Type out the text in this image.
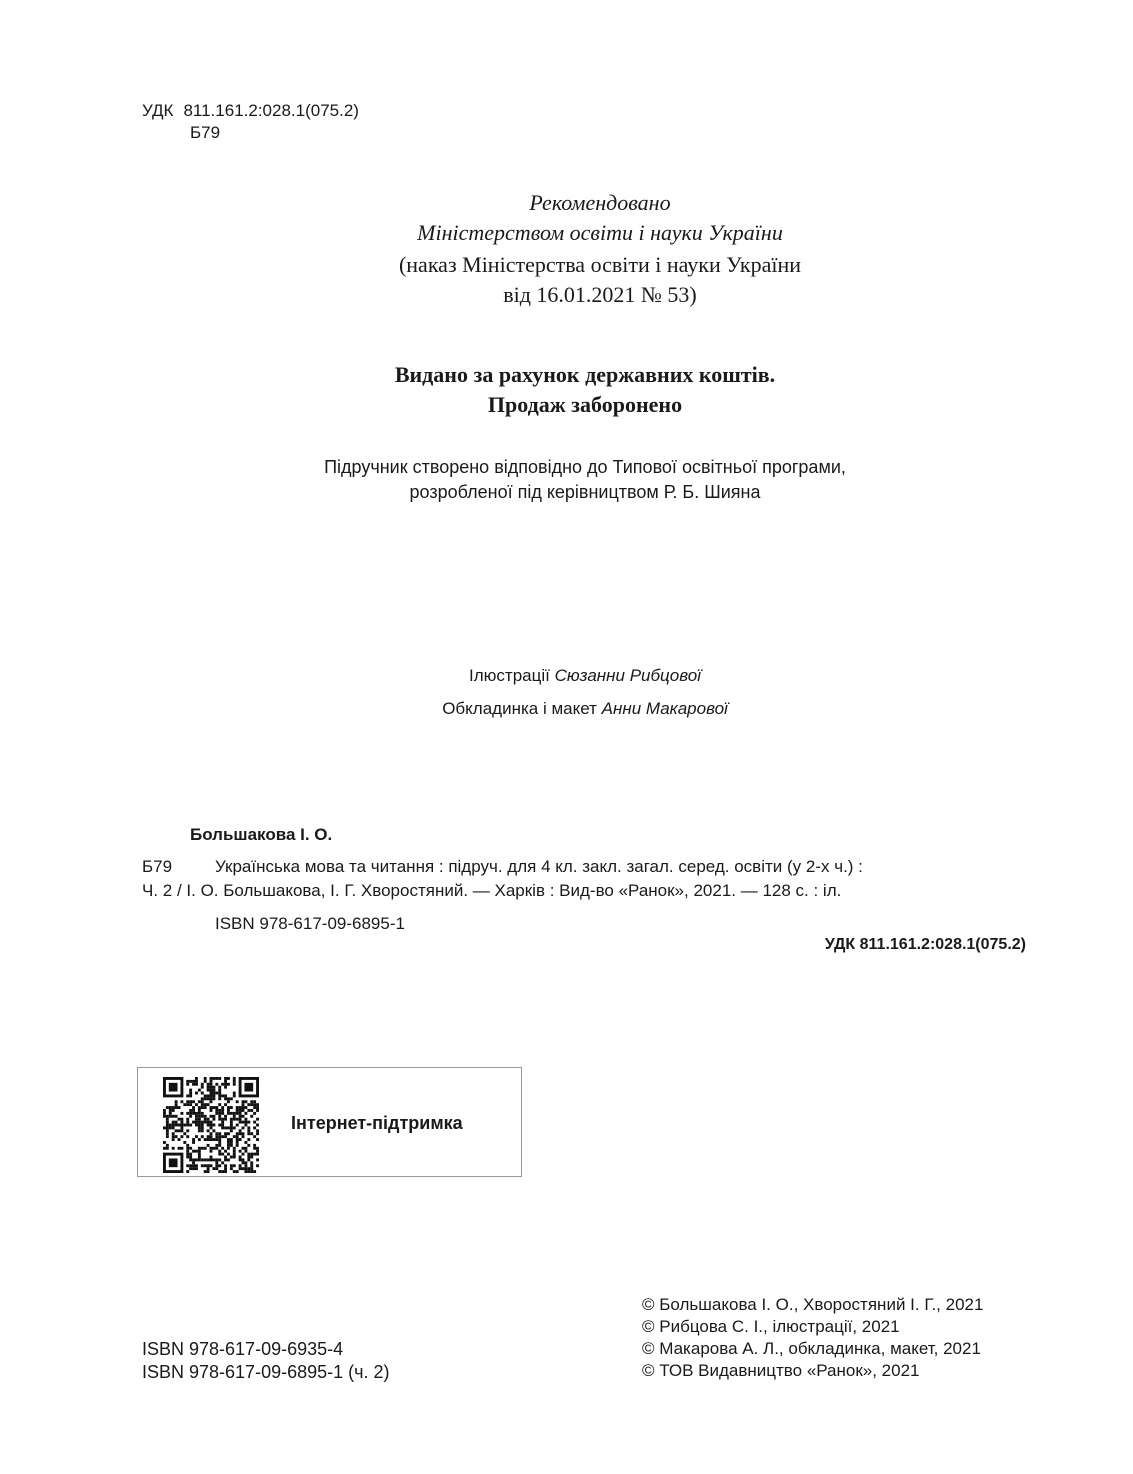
УДК 811.161.2:028.1(075.2)
Б79
Рекомендовано
Міністерством освіти і науки України
(наказ Міністерства освіти і науки України
від 16.01.2021 № 53)
Видано за рахунок державних коштів.
Продаж заборонено
Підручник створено відповідно до Типової освітньої програми,
розробленої під керівництвом Р. Б. Шияна
Ілюстрації Сюзанни Рибцової
Обкладинка і макет Анни Макарової
Большакова І. О.
Б79	Українська мова та читання : підруч. для 4 кл. закл. загал. серед. освіти (у 2-х ч.) :
Ч. 2 / І. О. Большакова, І. Г. Хворостяний. — Харків : Вид-во «Ранок», 2021. — 128 с. : іл.
ISBN 978-617-09-6895-1
УДК 811.161.2:028.1(075.2)
Інтернет-підтримка
ISBN 978-617-09-6935-4
ISBN 978-617-09-6895-1 (ч. 2)
© Большакова І. О., Хворостяний І. Г., 2021
© Рибцова С. І., ілюстрації, 2021
© Макарова А. Л., обкладинка, макет, 2021
© ТОВ Видавництво «Ранок», 2021
